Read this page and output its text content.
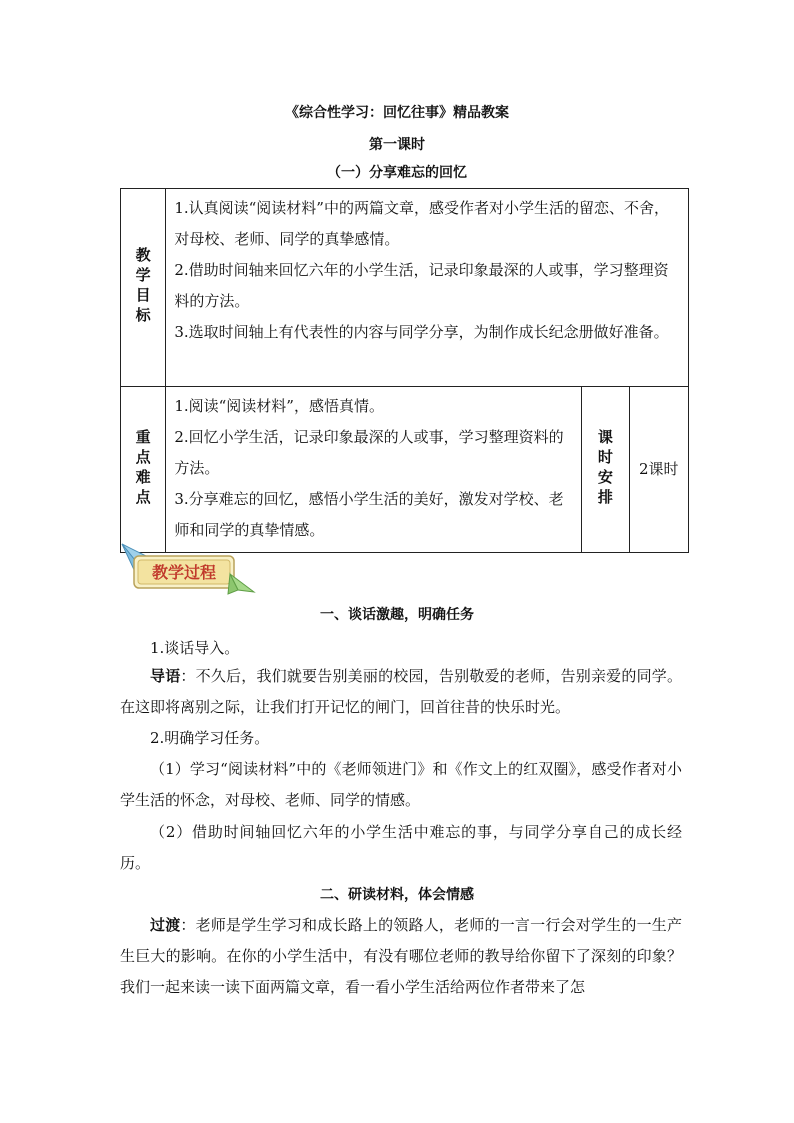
《综合性学习：回忆往事》精品教案
第一课时
（一）分享难忘的回忆
教学目标	1.认真阅读“阅读材料”中的两篇文章，感受作者对小学生活的留恋、不舍，对母校、老师、同学的真挚感情。

2.借助时间轴来回忆六年的小学生活，记录印象最深的人或事，学习整理资料的方法。

3.选取时间轴上有代表性的内容与同学分享，为制作成长纪念册做好准备。		

重点难点	1.阅读“阅读材料”，感悟真情。

2.回忆小学生活，记录印象最深的人或事，学习整理资料的方法。

3.分享难忘的回忆，感悟小学生活的美好，激发对学校、老师和同学的真挚情感。	课时安排	2课时
教学过程
一、谈话激趣，明确任务

1.谈话导入。

导语：不久后，我们就要告别美丽的校园，告别敬爱的老师，告别亲爱的同学。在这即将离别之际，让我们打开记忆的闸门，回首往昔的快乐时光。

2.明确学习任务。

（1）学习“阅读材料”中的《老师领进门》和《作文上的红双圈》，感受作者对小学生活的怀念，对母校、老师、同学的情感。

（2）借助时间轴回忆六年的小学生活中难忘的事，与同学分享自己的成长经历。

二、研读材料，体会情感

过渡：老师是学生学习和成长路上的领路人，老师的一言一行会对学生的一生产生巨大的影响。在你的小学生活中，有没有哪位老师的教导给你留下了深刻的印象？我们一起来读一读下面两篇文章，看一看小学生活给两位作者带来了怎
